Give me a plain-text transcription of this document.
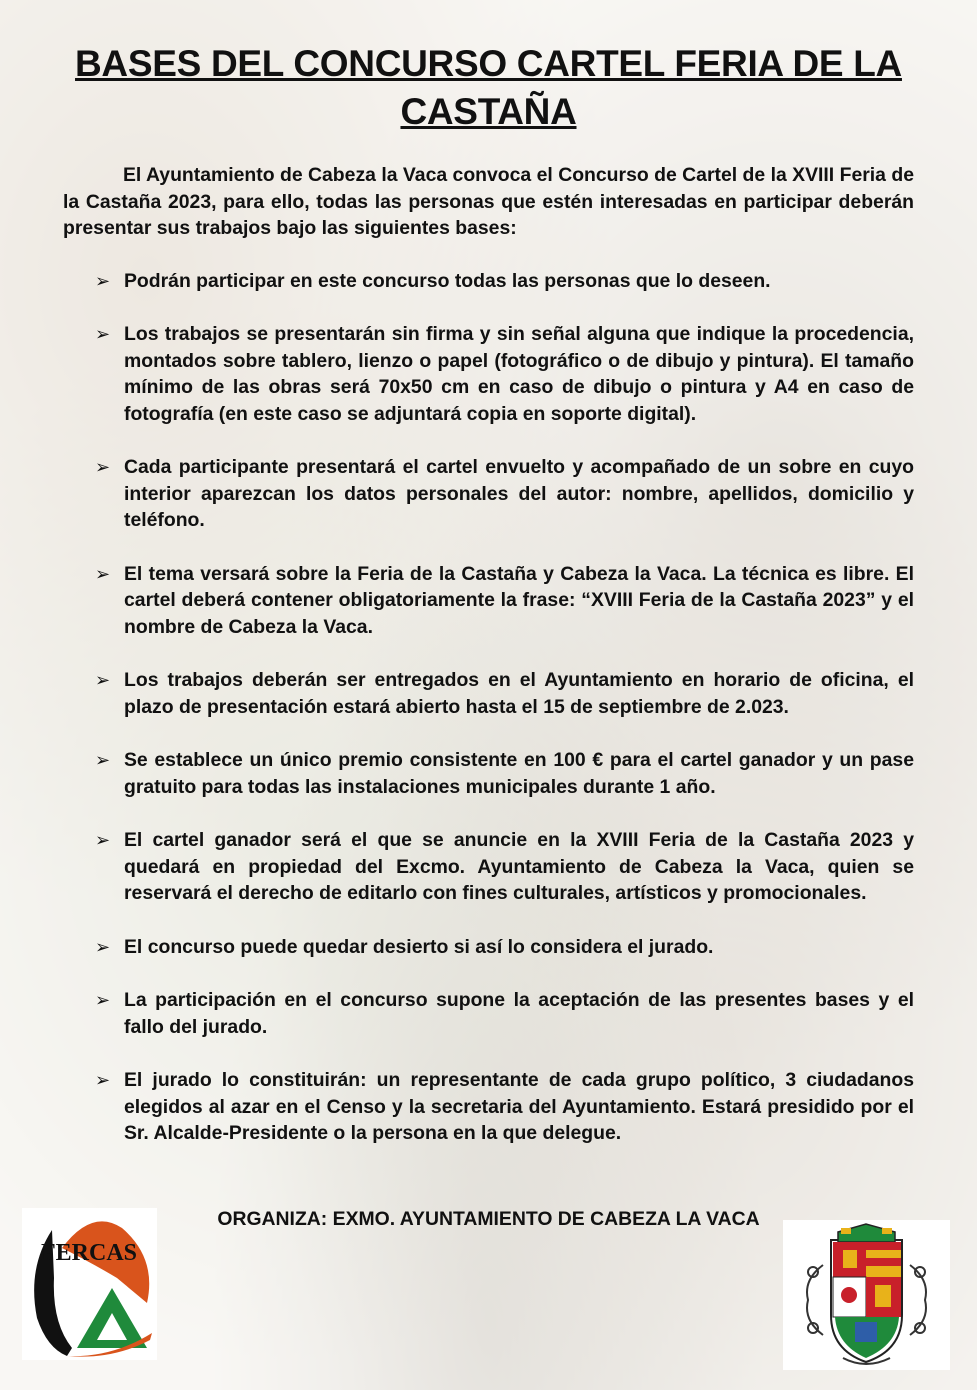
BASES DEL CONCURSO CARTEL FERIA DE LA CASTAÑA

El Ayuntamiento de Cabeza la Vaca convoca el Concurso de Cartel de la XVIII Feria de la Castaña 2023, para ello, todas las personas que estén interesadas en participar deberán presentar sus trabajos bajo las siguientes bases:

➢ Podrán participar en este concurso todas las personas que lo deseen.
➢ Los trabajos se presentarán sin firma y sin señal alguna que indique la procedencia, montados sobre tablero, lienzo o papel (fotográfico o de dibujo y pintura). El tamaño mínimo de las obras será 70x50 cm en caso de dibujo o pintura y A4 en caso de fotografía (en este caso se adjuntará copia en soporte digital).
➢ Cada participante presentará el cartel envuelto y acompañado de un sobre en cuyo interior aparezcan los datos personales del autor: nombre, apellidos, domicilio y teléfono.
➢ El tema versará sobre la Feria de la Castaña y Cabeza la Vaca. La técnica es libre. El cartel deberá contener obligatoriamente la frase: “XVIII Feria de la Castaña 2023” y el nombre de Cabeza la Vaca.
➢ Los trabajos deberán ser entregados en el Ayuntamiento en horario de oficina, el plazo de presentación estará abierto hasta el 15 de septiembre de 2.023.
➢ Se establece un único premio consistente en 100 € para el cartel ganador y un pase gratuito para todas las instalaciones municipales durante 1 año.
➢ El cartel ganador será el que se anuncie en la XVIII Feria de la Castaña 2023 y quedará en propiedad del Excmo. Ayuntamiento de Cabeza la Vaca, quien se reservará el derecho de editarlo con fines culturales, artísticos y promocionales.
➢ El concurso puede quedar desierto si así lo considera el jurado.
➢ La participación en el concurso supone la aceptación de las presentes bases y el fallo del jurado.
➢ El jurado lo constituirán: un representante de cada grupo político, 3 ciudadanos elegidos al azar en el Censo y la secretaria del Ayuntamiento. Estará presidido por el Sr. Alcalde-Presidente o la persona en la que delegue.
ORGANIZA: EXMO. AYUNTAMIENTO DE CABEZA LA VACA
FERCAS
